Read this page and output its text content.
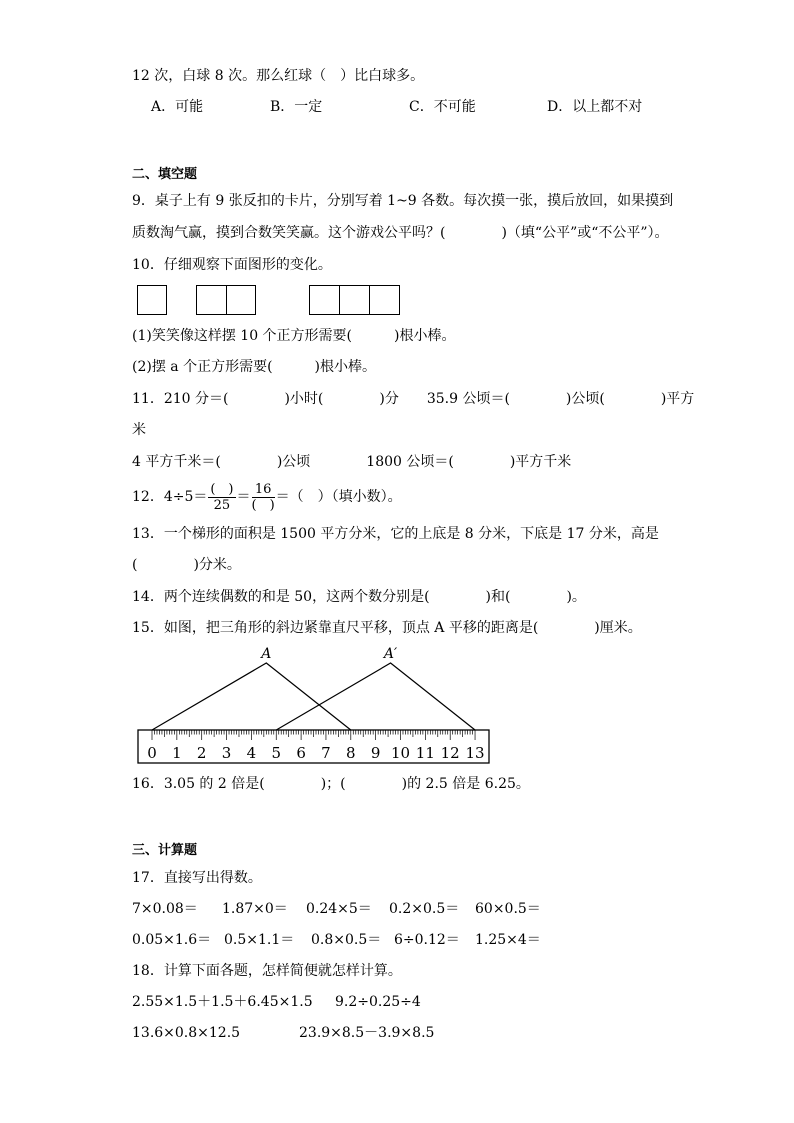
12 次，白球 8 次。那么红球（　）比白球多。
A．可能	B．一定	C．不可能	D．以上都不对
二、填空题
9．桌子上有 9 张反扣的卡片，分别写着 1~9 各数。每次摸一张，摸后放回，如果摸到
质数淘气赢，摸到合数笑笑赢。这个游戏公平吗？(　　　　)（填“公平”或“不公平”）。
10．仔细观察下面图形的变化。
(1)笑笑像这样摆 10 个正方形需要(　　　)根小棒。
(2)摆 a 个正方形需要(　　　)根小棒。
11．210 分＝(　　　　)小时(　　　　)分　　35.9 公顷＝(　　　　)公顷(　　　　)平方
米
4 平方千米＝(　　　　)公顷　　　　1800 公顷＝(　　　　)平方千米
12．$4\div 5= \frac{( )}{25} = \frac{16}{( )}$ ＝（　）（填小数）。
13．一个梯形的面积是 1500 平方分米，它的上底是 8 分米，下底是 17 分米，高是
(　　　　)分米。
14．两个连续偶数的和是 50，这两个数分别是(　　　　)和(　　　　)。
15．如图，把三角形的斜边紧靠直尺平移，顶点 A 平移的距离是(　　　　)厘米。
0 1 2 3 4 5 6 7 8 9 10 11 12 13
A	A′
16．3.05 的 2 倍是(　　　　)；(　　　　)的 2.5 倍是 6.25。
三、计算题
17．直接写出得数。
7×0.08＝ 1.87×0＝ 0.24×5＝ 0.2×0.5＝ 60×0.5＝
0.05×1.6＝ 0.5×1.1＝ 0.8×0.5＝ 6÷0.12＝ 1.25×4＝
18．计算下面各题，怎样简便就怎样计算。
2.55×1.5＋1.5＋6.45×1.5 9.2÷0.25÷4
13.6×0.8×12.5	23.9×8.5－3.9×8.5
